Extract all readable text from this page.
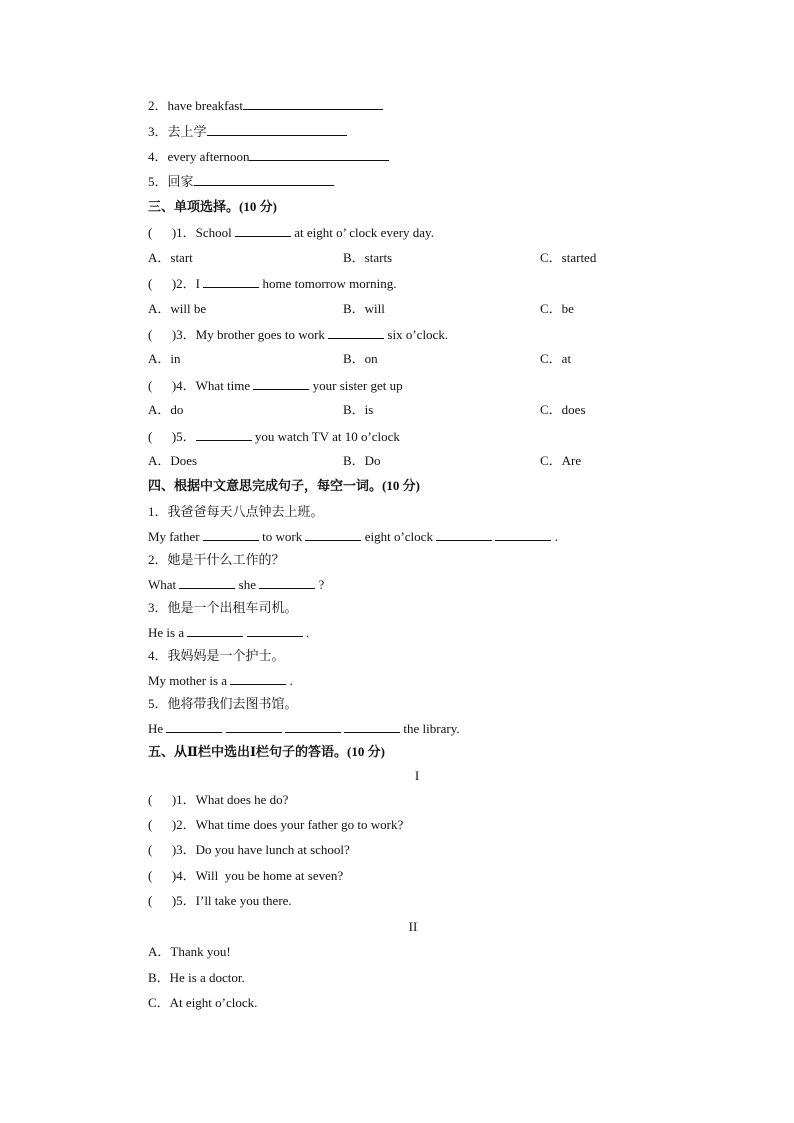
2．have breakfast
3．去上学
4．every afternoon
5．回家
三、单项选择。(10 分)
(  )1．School	at eight o’ clock every day.
A．start	B．starts	C．started
(  )2．I	home tomorrow morning.
A．will be	B．will	C．be
(  )3．My brother goes to work	six o’clock.
A．in	B．on	C．at
(  )4．What time	your sister get up
A．do	B．is	C．does
(  )5．	you watch TV at 10 o’clock
A．Does	B．Do	C．Are
四、根据中文意思完成句子，每空一词。(10 分)
1．我爸爸每天八点钟去上班。
My father	to work	eight o’clock	.
2．她是干什么工作的？
What	she	?
3．他是一个出租车司机。
He is a	.
4．我妈妈是一个护士。
My mother is a	.
5．他将带我们去图书馆。
He	the library.
五、从Ⅱ栏中选出Ⅰ栏句子的答语。(10 分)
I
(  )1．What does he do?
(  )2．What time does your father go to work?
(  )3．Do you have lunch at school?
(  )4．Will  you be home at seven?
(  )5．I’ll take you there.
II
A．Thank you!
B．He is a doctor.
C．At eight o’clock.
